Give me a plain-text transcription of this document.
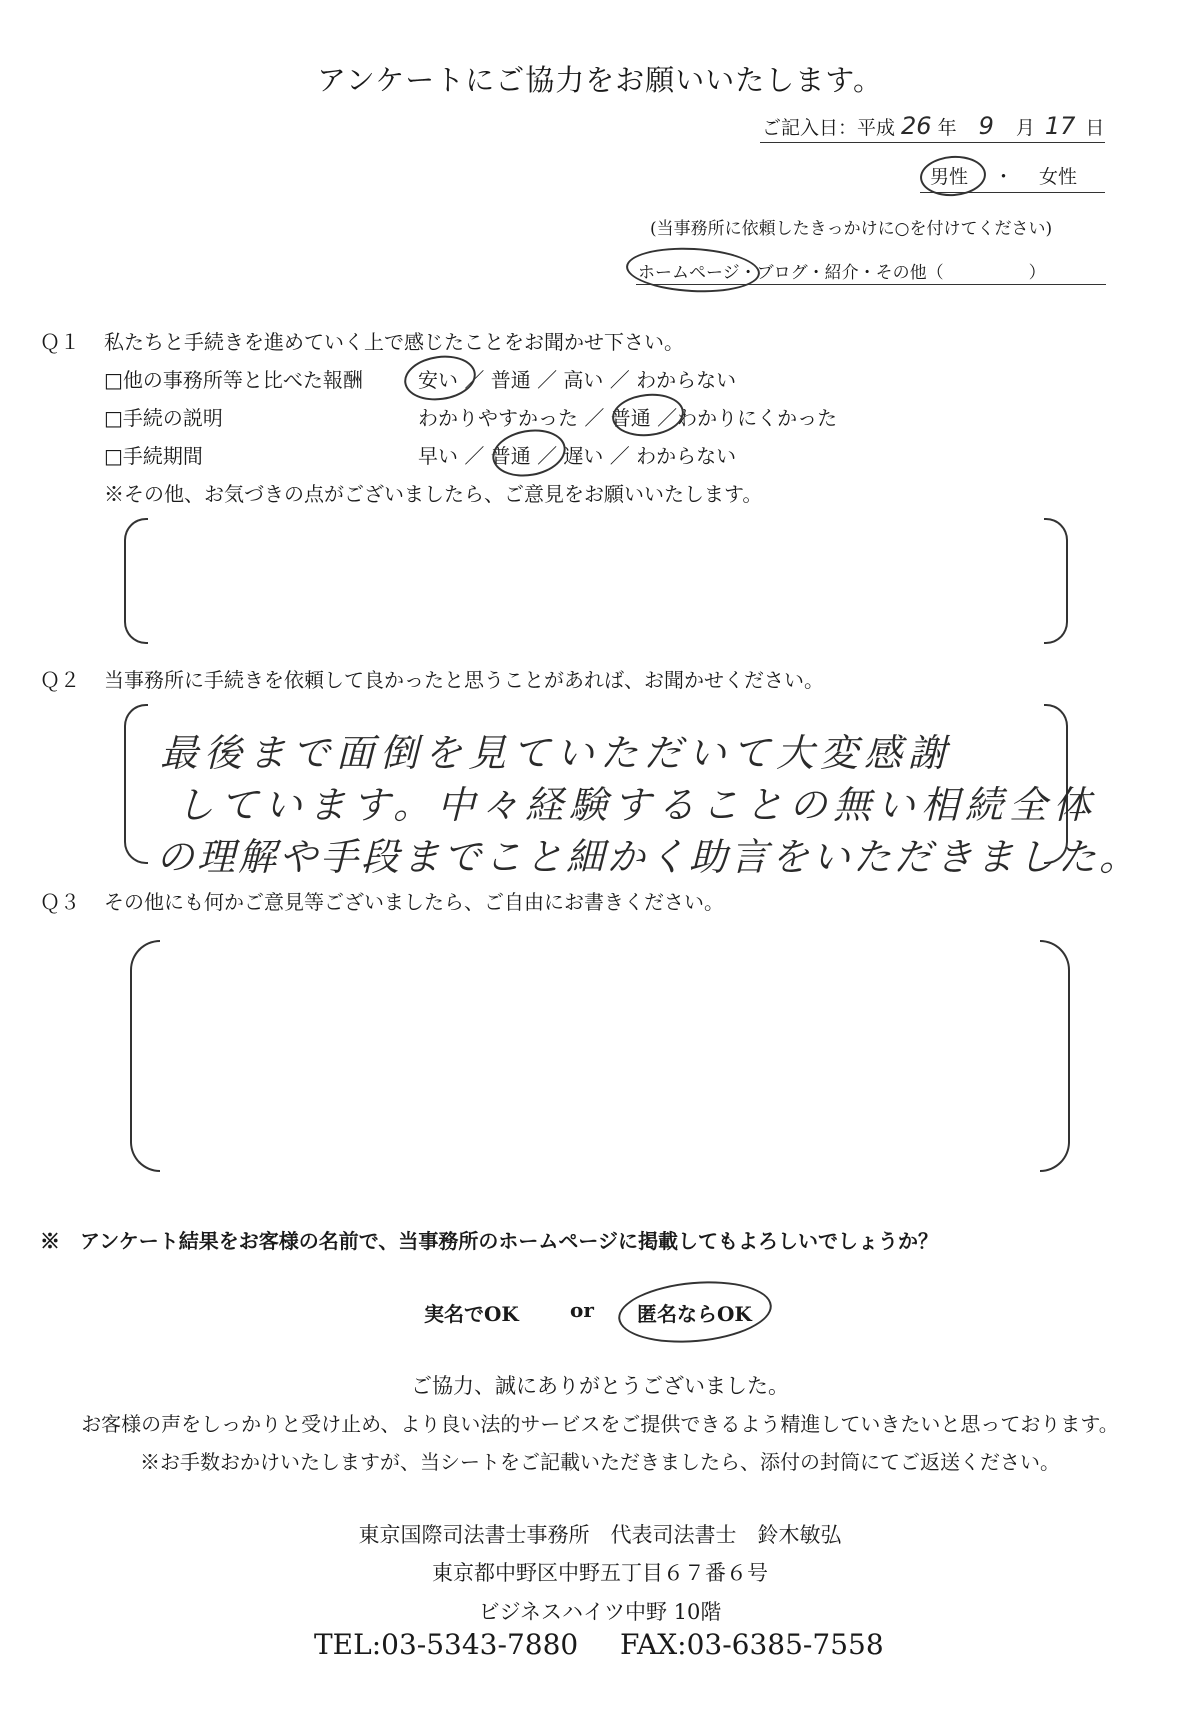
アンケートにご協力をお願いいたします。
ご記入日：平成 26 年 9 月 17 日
男性 ・ 女性
(当事務所に依頼したきっかけに○を付けてください)
ホームページ・ブログ・紹介・その他（　　　　　）
Ｑ１ 私たちと手続きを進めていく上で感じたことをお聞かせ下さい。
□他の事務所等と比べた報酬	安い ／ 普通 ／ 高い ／ わからない
□手続の説明	わかりやすかった ／ 普通 ／わかりにくかった
□手続期間	早い ／ 普通 ／ 遅い ／ わからない
※その他、お気づきの点がございましたら、ご意見をお願いいたします。
Ｑ２ 当事務所に手続きを依頼して良かったと思うことがあれば、お聞かせください。
最後まで面倒を見ていただいて大変感謝
しています。中々経験することの無い相続全体
の理解や手段までこと細かく助言をいただきました。
Ｑ３ その他にも何かご意見等ございましたら、ご自由にお書きください。
※　アンケート結果をお客様の名前で、当事務所のホームページに掲載してもよろしいでしょうか？
実名でOK	or 匿名ならOK
ご協力、誠にありがとうございました。
お客様の声をしっかりと受け止め、より良い法的サービスをご提供できるよう精進していきたいと思っております。
※お手数おかけいたしますが、当シートをご記載いただきましたら、添付の封筒にてご返送ください。
東京国際司法書士事務所　代表司法書士　鈴木敏弘
東京都中野区中野五丁目６７番６号
ビジネスハイツ中野 10階
TEL:03-5343-7880 FAX:03-6385-7558
